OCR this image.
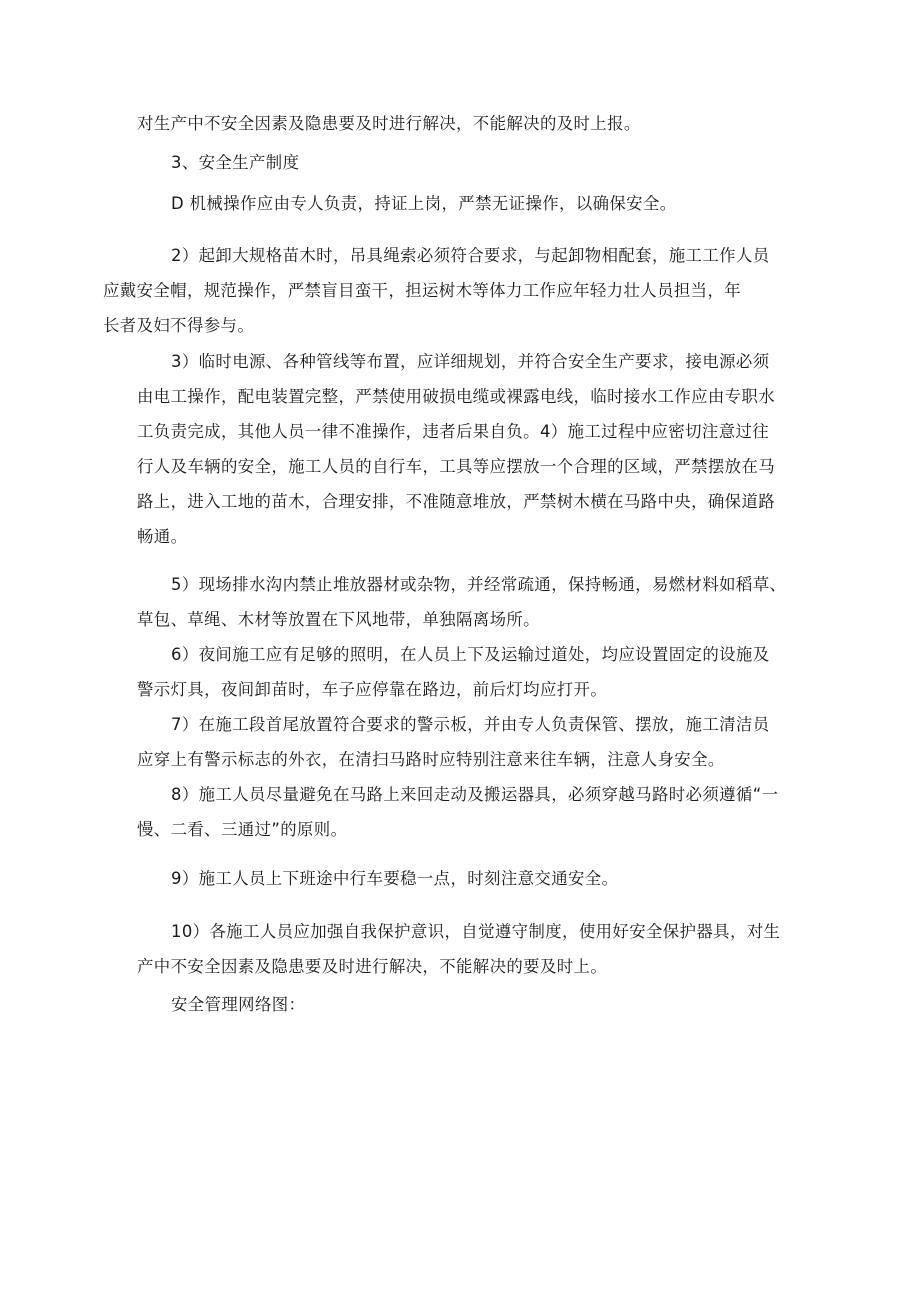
对生产中不安全因素及隐患要及时进行解决，不能解决的及时上报。

3、安全生产制度

D 机械操作应由专人负责，持证上岗，严禁无证操作，以确保安全。

2）起卸大规格苗木时，吊具绳索必须符合要求，与起卸物相配套，施工工作人员
应戴安全帽，规范操作，严禁盲目蛮干，担运树木等体力工作应年轻力壮人员担当，年
长者及妇不得参与。

3）临时电源、各种管线等布置，应详细规划，并符合安全生产要求，接电源必须
由电工操作，配电装置完整，严禁使用破损电缆或裸露电线，临时接水工作应由专职水
工负责完成，其他人员一律不准操作，违者后果自负。4）施工过程中应密切注意过往
行人及车辆的安全，施工人员的自行车，工具等应摆放一个合理的区域，严禁摆放在马
路上，进入工地的苗木，合理安排，不准随意堆放，严禁树木横在马路中央，确保道路
畅通。

5）现场排水沟内禁止堆放器材或杂物，并经常疏通，保持畅通，易燃材料如稻草、
草包、草绳、木材等放置在下风地带，单独隔离场所。

6）夜间施工应有足够的照明，在人员上下及运输过道处，均应设置固定的设施及
警示灯具，夜间卸苗时，车子应停靠在路边，前后灯均应打开。

7）在施工段首尾放置符合要求的警示板，并由专人负责保管、摆放，施工清洁员
应穿上有警示标志的外衣，在清扫马路时应特别注意来往车辆，注意人身安全。

8）施工人员尽量避免在马路上来回走动及搬运器具，必须穿越马路时必须遵循“一
慢、二看、三通过”的原则。

9）施工人员上下班途中行车要稳一点，时刻注意交通安全。

10）各施工人员应加强自我保护意识，自觉遵守制度，使用好安全保护器具，对生
产中不安全因素及隐患要及时进行解决，不能解决的要及时上。

安全管理网络图：
